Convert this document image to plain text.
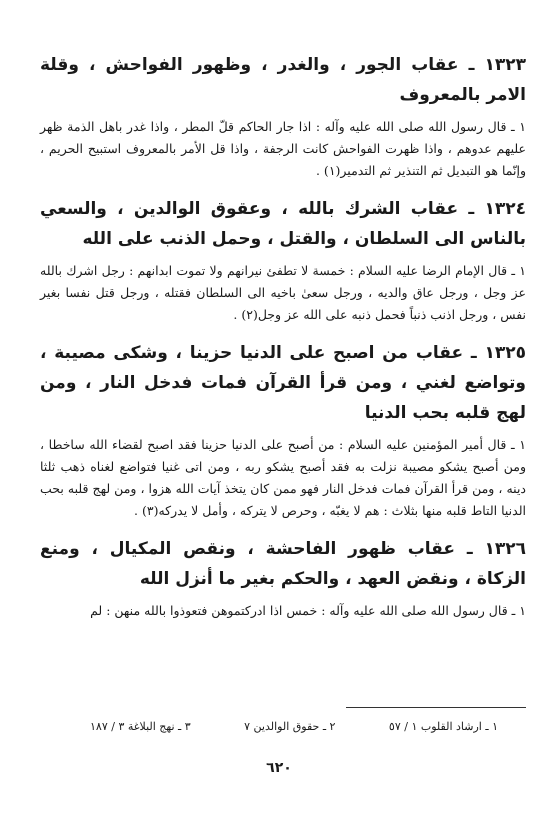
١٣٢٣ ـ عقاب الجور ، والغدر ، وظهور الفواحش ، وقلة الامر بالمعروف

١ ـ قال رسول الله صلى الله عليه وآله : اذا جار الحاكم قلّ المطر ، واذا غدر باهل الذمة ظهر عليهم عدوهم ، واذا ظهرت الفواحش كانت الرجفة ، واذا قل الأمر بالمعروف استبيح الحريم ، وإنّما هو التبديل ثم التنذير ثم التدمير(١) .

١٣٢٤ ـ عقاب الشرك بالله ، وعقوق الوالدين ، والسعي بالناس الى السلطان ، والقتل ، وحمل الذنب على الله

١ ـ قال الإمام الرضا عليه السلام : خمسة لا تطفئ نيرانهم ولا تموت ابدانهم : رجل اشرك بالله عز وجل ، ورجل عاق والديه ، ورجل سعىٰ باخيه الى السلطان فقتله ، ورجل قتل نفسا بغير نفس ، ورجل اذنب ذنباً فحمل ذنبه على الله عز وجل(٢) .

١٣٢٥ ـ عقاب من اصبح على الدنيا حزينا ، وشكى مصيبة ، وتواضع لغني ، ومن قرأ القرآن فمات فدخل النار ، ومن لهج قلبه بحب الدنيا

١ ـ قال أمير المؤمنين عليه السلام : من أصبح على الدنيا حزينا فقد اصبح لقضاء الله ساخطا ، ومن أصبح يشكو مصيبة نزلت به فقد أصبح يشكو ربه ، ومن اتى غنيا فتواضع لغناه ذهب ثلثا دينه ، ومن قرأ القرآن فمات فدخل النار فهو ممن كان يتخذ آيات الله هزوا ، ومن لهج قلبه بحب الدنيا التاط قلبه منها بثلاث : هم لا يغبّه ، وحرص لا يتركه ، وأمل لا يدركه(٣) .

١٣٢٦ ـ عقاب ظهور الفاحشة ، ونقص المكيال ، ومنع الزكاة ، ونقض العهد ، والحكم بغير ما أنزل الله

١ ـ قال رسول الله صلى الله عليه وآله : خمس اذا ادركتموهن فتعوذوا بالله منهن : لم

١ ـ ارشاد القلوب ١ / ٥٧
٢ ـ حقوق الوالدين ٧
٣ ـ نهج البلاغة ٣ / ١٨٧
٦٢٠
